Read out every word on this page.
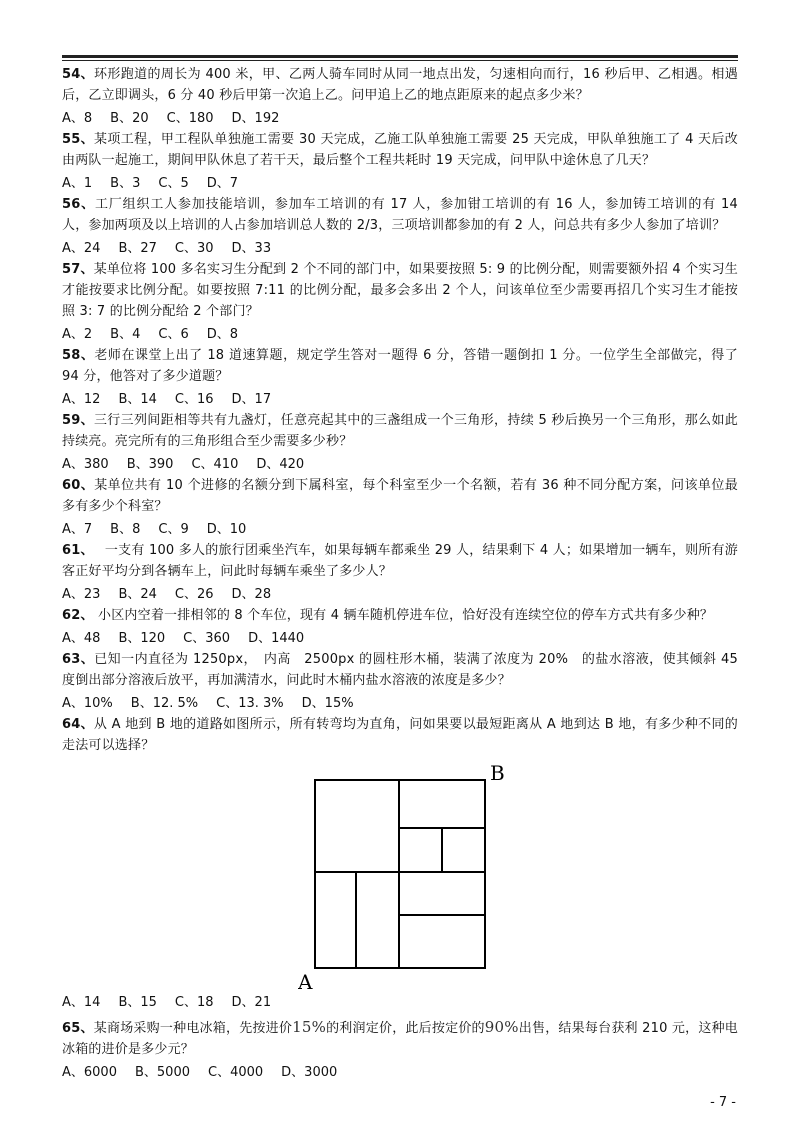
54、环形跑道的周长为 400 米，甲、乙两人骑车同时从同一地点出发，匀速相向而行，16 秒后甲、乙相遇。相遇后，乙立即调头，6 分 40 秒后甲第一次追上乙。问甲追上乙的地点距原来的起点多少米？

A、8 B、20 C、180 D、192

55、某项工程，甲工程队单独施工需要 30 天完成，乙施工队单独施工需要 25 天完成，甲队单独施工了 4 天后改由两队一起施工，期间甲队休息了若干天，最后整个工程共耗时 19 天完成，问甲队中途休息了几天？

A、1 B、3 C、5 D、7

56、工厂组织工人参加技能培训，参加车工培训的有 17 人，参加钳工培训的有 16 人，参加铸工培训的有 14 人，参加两项及以上培训的人占参加培训总人数的 2/3，三项培训都参加的有 2 人，问总共有多少人参加了培训？

A、24 B、27 C、30 D、33

57、某单位将 100 多名实习生分配到 2 个不同的部门中，如果要按照 5: 9 的比例分配，则需要额外招 4 个实习生才能按要求比例分配。如要按照 7:11 的比例分配，最多会多出 2 个人，问该单位至少需要再招几个实习生才能按照 3: 7 的比例分配给 2 个部门？

A、2 B、4 C、6 D、8

58、老师在课堂上出了 18 道速算题，规定学生答对一题得 6 分，答错一题倒扣 1 分。一位学生全部做完，得了 94 分，他答对了多少道题？

A、12 B、14 C、16 D、17

59、三行三列间距相等共有九盏灯，任意亮起其中的三盏组成一个三角形，持续 5 秒后换另一个三角形，那么如此持续亮。亮完所有的三角形组合至少需要多少秒？

A、380 B、390 C、410 D、420

60、某单位共有 10 个进修的名额分到下属科室，每个科室至少一个名额，若有 36 种不同分配方案，问该单位最多有多少个科室？

A、7 B、8 C、9 D、10

61、　 一支有 100 多人的旅行团乘坐汽车，如果每辆车都乘坐 29 人，结果剩下 4 人；如果增加一辆车，则所有游客正好平均分到各辆车上，问此时每辆车乘坐了多少人？

A、23 B、24 C、26 D、28

62、 小区内空着一排相邻的 8 个车位，现有 4 辆车随机停进车位，恰好没有连续空位的停车方式共有多少种？

A、48 B、120 C、360 D、1440

63、已知一内直径为 1250px，　内高　2500px 的圆柱形木桶，装满了浓度为 20%　的盐水溶液，使其倾斜 45 度倒出部分溶液后放平，再加满清水，问此时木桶内盐水溶液的浓度是多少？

A、10% B、12. 5% C、13. 3% D、15%

64、从 A 地到 B 地的道路如图所示，所有转弯均为直角，问如果要以最短距离从 A 地到达 B 地，有多少种不同的走法可以选择？

B
A
A、14 B、15 C、18 D、21

65、某商场采购一种电冰箱，先按进价15%的利润定价，此后按定价的90%出售，结果每台获利 210 元，这种电冰箱的进价是多少元？

A、6000 B、5000 C、4000 D、3000
- 7 -
